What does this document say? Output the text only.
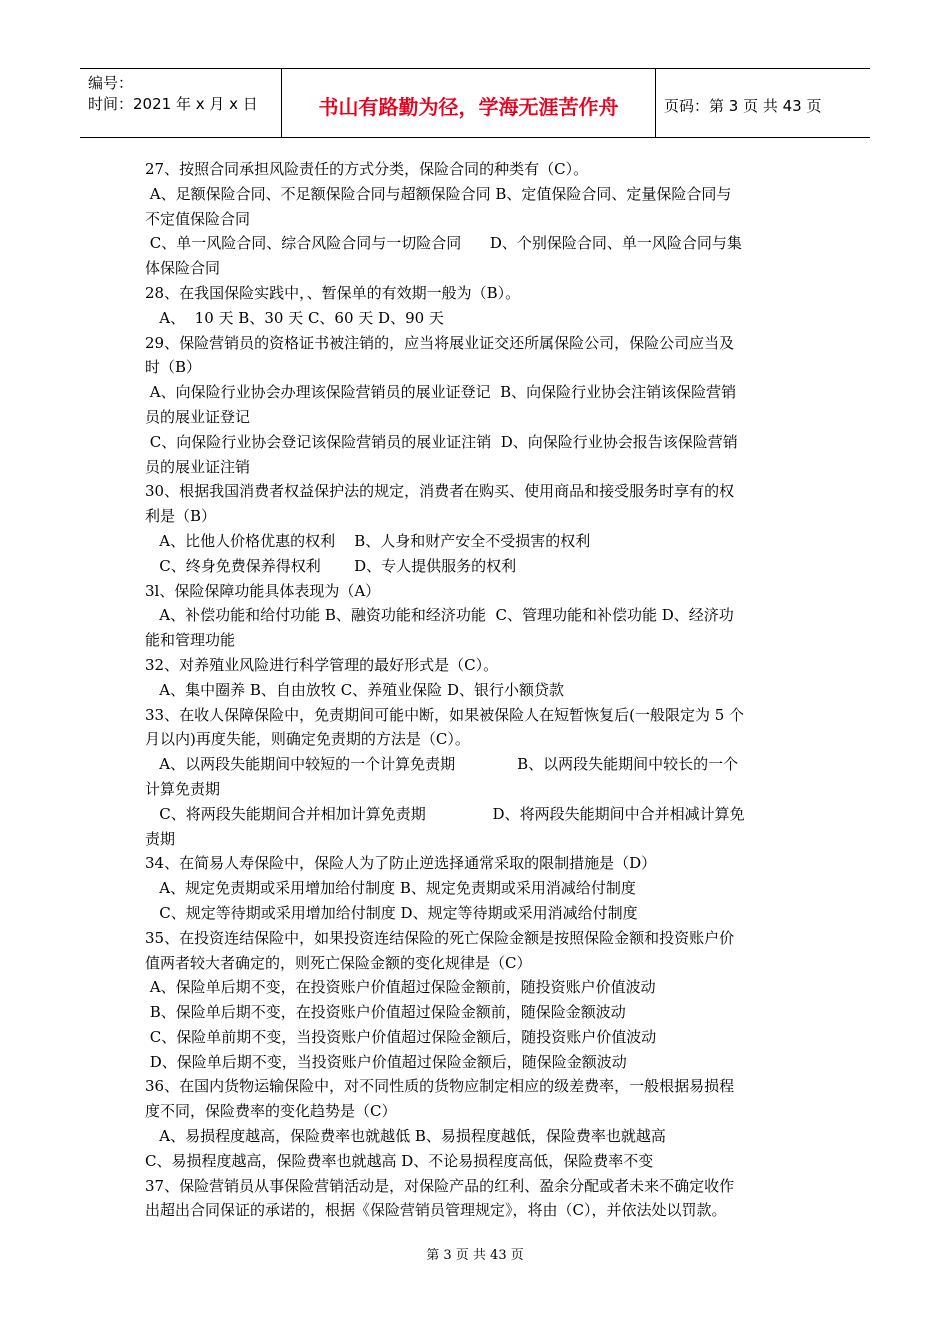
编号：
时间：2021 年 x 月 x 日	书山有路勤为径，学海无涯苦作舟	页码：第 3 页 共 43 页
27、按照合同承担风险责任的方式分类，保险合同的种类有（C）。
A、足额保险合同、不足额保险合同与超额保险合同 B、定值保险合同、定量保险合同与
不定值保险合同
C、单一风险合同、综合风险合同与一切险合同      D、个别保险合同、单一风险合同与集
体保险合同
28、在我国保险实践中，、暂保单的有效期一般为（B）。
A、  10 天 B、30 天 C、60 天 D、90 天
29、保险营销员的资格证书被注销的，应当将展业证交还所属保险公司，保险公司应当及
时（B）
A、向保险行业协会办理该保险营销员的展业证登记  B、向保险行业协会注销该保险营销
员的展业证登记
C、向保险行业协会登记该保险营销员的展业证注销  D、向保险行业协会报告该保险营销
员的展业证注销
30、根据我国消费者权益保护法的规定，消费者在购买、使用商品和接受服务时享有的权
利是（B）
A、比他人价格优惠的权利    B、人身和财产安全不受损害的权利
C、终身免费保养得权利       D、专人提供服务的权利
3l、保险保障功能具体表现为（A）
A、补偿功能和给付功能 B、融资功能和经济功能  C、管理功能和补偿功能 D、经济功
能和管理功能
32、对养殖业风险进行科学管理的最好形式是（C）。
A、集中圈养 B、自由放牧 C、养殖业保险 D、银行小额贷款
33、在收人保障保险中，免责期间可能中断，如果被保险人在短暂恢复后(一般限定为 5 个
月以内)再度失能，则确定免责期的方法是（C）。
A、以两段失能期间中较短的一个计算免责期             B、以两段失能期间中较长的一个
计算免责期
C、将两段失能期间合并相加计算免责期              D、将两段失能期间中合并相减计算免
责期
34、在简易人寿保险中，保险人为了防止逆选择通常采取的限制措施是（D）
A、规定免责期或采用增加给付制度 B、规定免责期或采用消减给付制度
C、规定等待期或采用增加给付制度 D、规定等待期或采用消减给付制度
35、在投资连结保险中，如果投资连结保险的死亡保险金额是按照保险金额和投资账户价
值两者较大者确定的，则死亡保险金额的变化规律是（C）
A、保险单后期不变，在投资账户价值超过保险金额前，随投资账户价值波动
B、保险单后期不变，在投资账户价值超过保险金额前，随保险金额波动
C、保险单前期不变，当投资账户价值超过保险金额后，随投资账户价值波动
D、保险单后期不变，当投资账户价值超过保险金额后，随保险金额波动
36、在国内货物运输保险中，对不同性质的货物应制定相应的级差费率，一般根据易损程
度不同，保险费率的变化趋势是（C）
A、易损程度越高，保险费率也就越低 B、易损程度越低，保险费率也就越高
C、易损程度越高，保险费率也就越高 D、不论易损程度高低，保险费率不变
37、保险营销员从事保险营销活动是，对保险产品的红利、盈余分配或者未来不确定收作
出超出合同保证的承诺的，根据《保险营销员管理规定》，将由（C），并依法处以罚款。
第 3 页 共 43 页
